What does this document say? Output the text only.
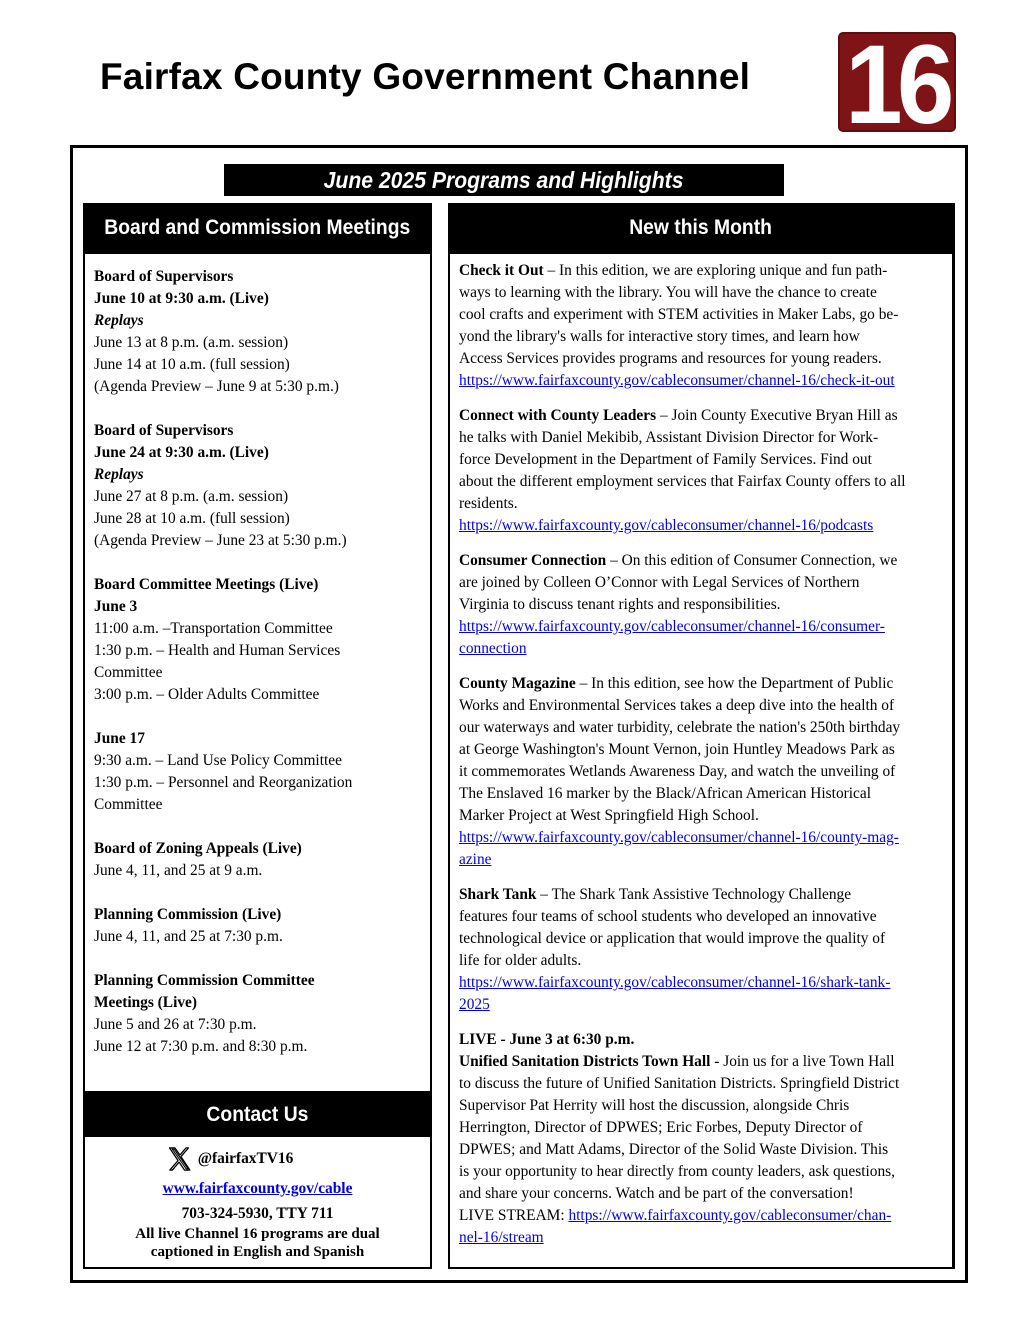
Fairfax County Government Channel 16
June 2025 Programs and Highlights
Board and Commission Meetings
Board of Supervisors
June 10 at 9:30 a.m. (Live)
Replays
June 13 at 8 p.m. (a.m. session)
June 14 at 10 a.m. (full session)
(Agenda Preview – June 9 at 5:30 p.m.)
Board of Supervisors
June 24 at 9:30 a.m. (Live)
Replays
June 27 at 8 p.m. (a.m. session)
June 28 at 10 a.m. (full session)
(Agenda Preview – June 23 at 5:30 p.m.)
Board Committee Meetings (Live)
June 3
11:00 a.m. –Transportation Committee
1:30 p.m. – Health and Human Services
Committee
3:00 p.m. – Older Adults Committee
June 17
9:30 a.m. – Land Use Policy Committee
1:30 p.m. – Personnel and Reorganization
Committee
Board of Zoning Appeals (Live)
June 4, 11, and 25 at 9 a.m.
Planning Commission (Live)
June 4, 11, and 25 at 7:30 p.m.
Planning Commission Committee
Meetings (Live)
June 5 and 26 at 7:30 p.m.
June 12 at 7:30 p.m. and 8:30 p.m.
Contact Us
@fairfaxTV16
www.fairfaxcounty.gov/cable
703-324-5930, TTY 711
All live Channel 16 programs are dual
captioned in English and Spanish
New this Month
Check it Out – In this edition, we are exploring unique and fun path-
ways to learning with the library. You will have the chance to create
cool crafts and experiment with STEM activities in Maker Labs, go be-
yond the library's walls for interactive story times, and learn how
Access Services provides programs and resources for young readers.
https://www.fairfaxcounty.gov/cableconsumer/channel-16/check-it-out
Connect with County Leaders – Join County Executive Bryan Hill as
he talks with Daniel Mekibib, Assistant Division Director for Work-
force Development in the Department of Family Services. Find out
about the different employment services that Fairfax County offers to all
residents.
https://www.fairfaxcounty.gov/cableconsumer/channel-16/podcasts
Consumer Connection – On this edition of Consumer Connection, we
are joined by Colleen O’Connor with Legal Services of Northern
Virginia to discuss tenant rights and responsibilities.
https://www.fairfaxcounty.gov/cableconsumer/channel-16/consumer-
connection
County Magazine – In this edition, see how the Department of Public
Works and Environmental Services takes a deep dive into the health of
our waterways and water turbidity, celebrate the nation's 250th birthday
at George Washington's Mount Vernon, join Huntley Meadows Park as
it commemorates Wetlands Awareness Day, and watch the unveiling of
The Enslaved 16 marker by the Black/African American Historical
Marker Project at West Springfield High School.
https://www.fairfaxcounty.gov/cableconsumer/channel-16/county-mag-
azine
Shark Tank – The Shark Tank Assistive Technology Challenge
features four teams of school students who developed an innovative
technological device or application that would improve the quality of
life for older adults.
https://www.fairfaxcounty.gov/cableconsumer/channel-16/shark-tank-
2025
LIVE - June 3 at 6:30 p.m.
Unified Sanitation Districts Town Hall - Join us for a live Town Hall
to discuss the future of Unified Sanitation Districts. Springfield District
Supervisor Pat Herrity will host the discussion, alongside Chris
Herrington, Director of DPWES; Eric Forbes, Deputy Director of
DPWES; and Matt Adams, Director of the Solid Waste Division. This
is your opportunity to hear directly from county leaders, ask questions,
and share your concerns. Watch and be part of the conversation!
LIVE STREAM: https://www.fairfaxcounty.gov/cableconsumer/chan-
nel-16/stream
